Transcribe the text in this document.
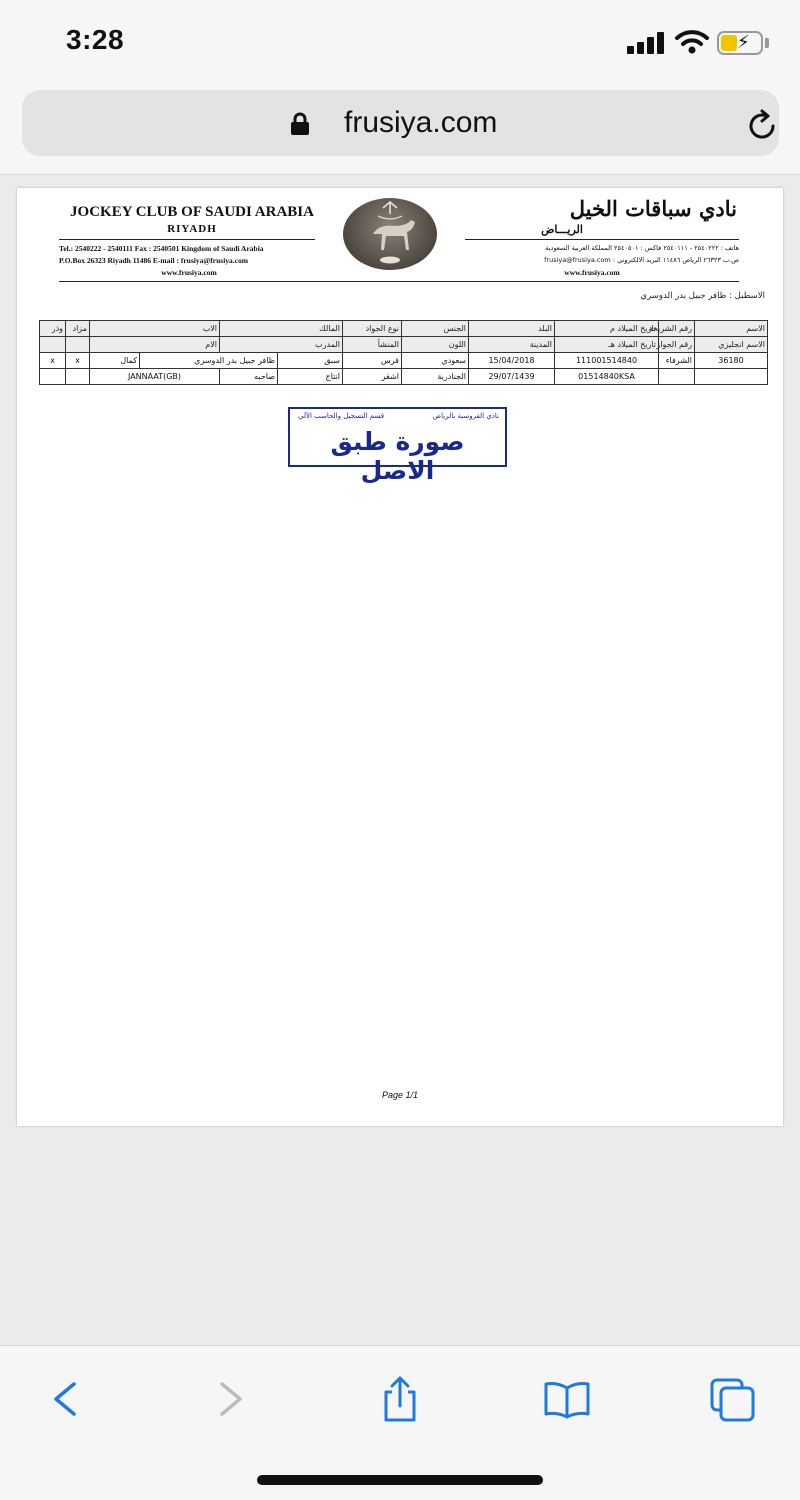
3:28	⚡
frusiya.com
JOCKEY CLUB OF SAUDI ARABIA
RIYADH
Tel.: 2540222 - 2540111 Fax : 2540501 Kingdom of Saudi Arabia
P.O.Box 26323 Riyadh 11486 E-mail : frusiya@frusiya.com
www.frusiya.com
نادي سباقات الخيل
الريـــاض
هاتف : ٢٥٤٠٢٢٢ - ٢٥٤٠١١١ فاكس : ٢٥٤٠٥٠١ المملكة العربية السعودية
ص.ب ٢٦٣٢٣ الرياض ١١٤٨٦ البريد الالكتروني : frusiya@frusiya.com
www.frusiya.com
الاسطبل : ظافر جبيل بدر الدوسري
وذر	مزاد	الاب		المالك		نوع الجواد	الجنس	البلد	تاريخ الميلاد م	رقم الشريحة	الاسم
		الام		المدرب		المنشأ	اللون	المدينة	تاريخ الميلاد هـ	رقم الجواز	الاسم انجليزي
x	x	كمال	ظافر جبيل بدر الدوسري		سبق	فرس	سعودي	15/04/2018	111001514840	الشرفاء	36180
		JANNAAT(GB)		صاحبه	انتاج	اشقر	الجنادرية	29/07/1439	01514840KSA		
نادي الفروسية بالرياض
قسم التسجيل والحاسب الآلي
صورة طبق الاصل
Page 1/1
